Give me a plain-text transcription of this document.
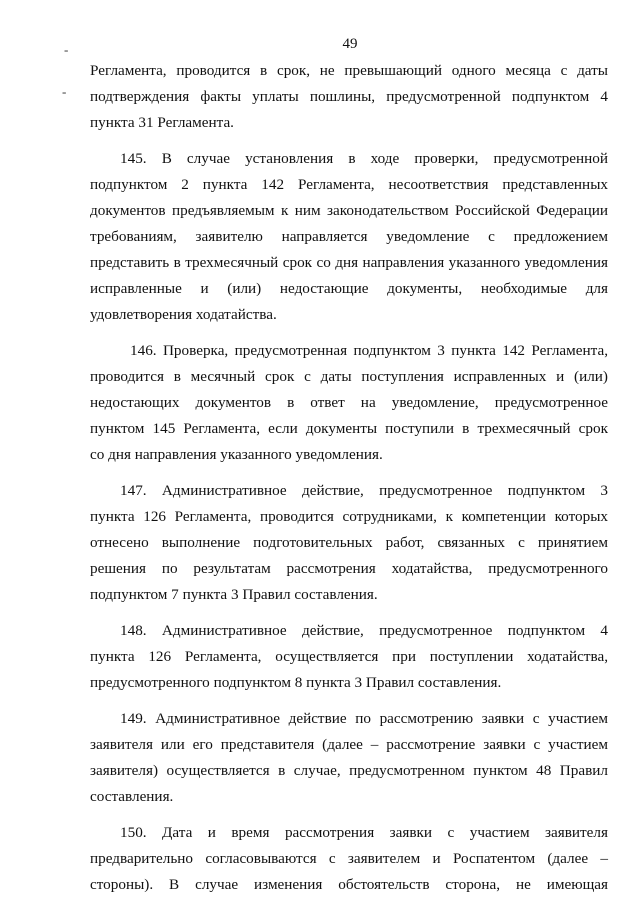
49
-
-
Регламента, проводится в срок, не превышающий одного месяца с даты
подтверждения факты уплаты пошлины, предусмотренной подпунктом 4
пункта 31 Регламента.
145. В случае установления в ходе проверки, предусмотренной
подпунктом 2 пункта 142 Регламента, несоответствия представленных
документов предъявляемым к ним законодательством Российской Федерации
требованиям, заявителю направляется уведомление с предложением
представить в трехмесячный срок со дня направления указанного уведомления
исправленные и (или) недостающие документы, необходимые для
удовлетворения ходатайства.
146. Проверка, предусмотренная подпунктом 3 пункта 142 Регламента,
проводится в месячный срок с даты поступления исправленных и (или)
недостающих документов в ответ на уведомление, предусмотренное
пунктом 145 Регламента, если документы поступили в трехмесячный срок
со дня направления указанного уведомления.
147. Административное действие, предусмотренное подпунктом 3
пункта 126 Регламента, проводится сотрудниками, к компетенции которых
отнесено выполнение подготовительных работ, связанных с принятием
решения по результатам рассмотрения ходатайства, предусмотренного
подпунктом 7 пункта 3 Правил составления.
148. Административное действие, предусмотренное подпунктом 4
пункта 126 Регламента, осуществляется при поступлении ходатайства,
предусмотренного подпунктом 8 пункта 3 Правил составления.
149. Административное действие по рассмотрению заявки с участием
заявителя или его представителя (далее – рассмотрение заявки с участием
заявителя) осуществляется в случае, предусмотренном пунктом 48 Правил
составления.
150. Дата и время рассмотрения заявки с участием заявителя
предварительно согласовываются с заявителем и Роспатентом (далее –
стороны). В случае изменения обстоятельств сторона, не имеющая
